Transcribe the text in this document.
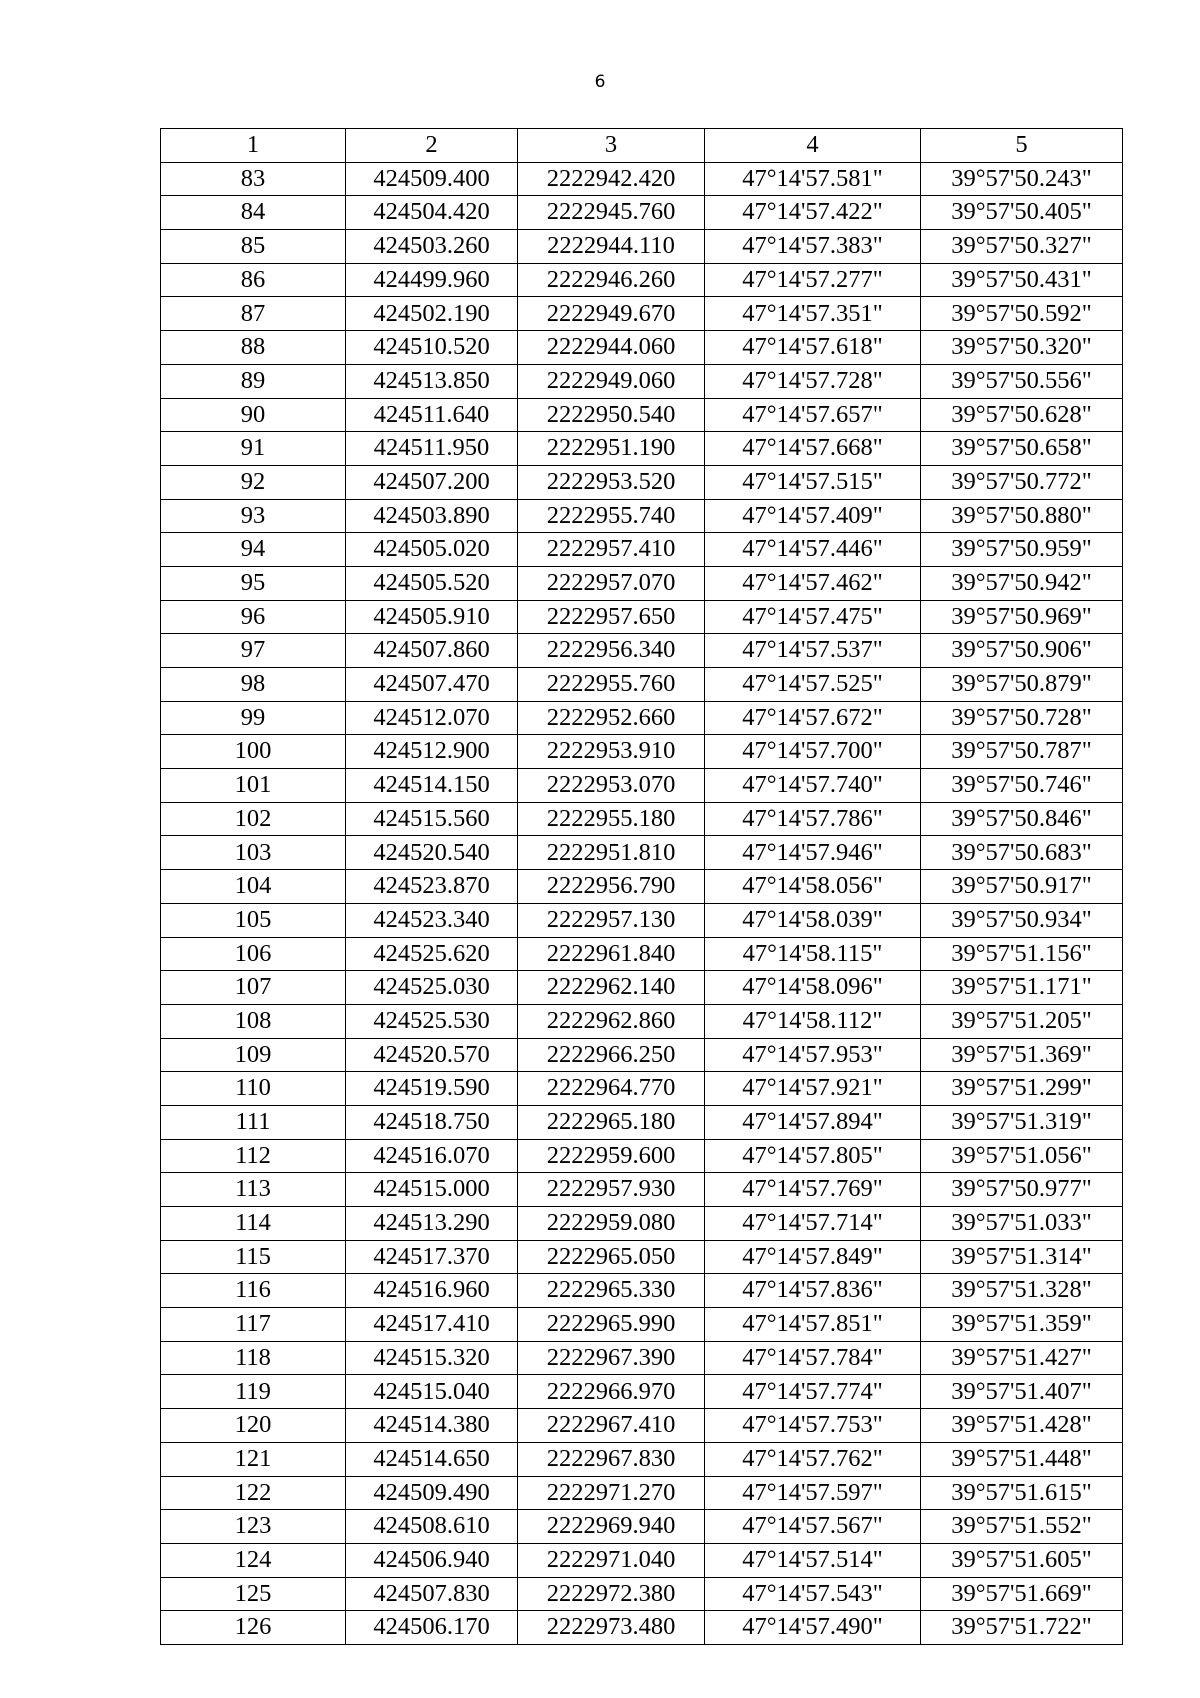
6
1	2	3	4	5
83	424509.400	2222942.420	47°14'57.581"	39°57'50.243"
84	424504.420	2222945.760	47°14'57.422"	39°57'50.405"
85	424503.260	2222944.110	47°14'57.383"	39°57'50.327"
86	424499.960	2222946.260	47°14'57.277"	39°57'50.431"
87	424502.190	2222949.670	47°14'57.351"	39°57'50.592"
88	424510.520	2222944.060	47°14'57.618"	39°57'50.320"
89	424513.850	2222949.060	47°14'57.728"	39°57'50.556"
90	424511.640	2222950.540	47°14'57.657"	39°57'50.628"
91	424511.950	2222951.190	47°14'57.668"	39°57'50.658"
92	424507.200	2222953.520	47°14'57.515"	39°57'50.772"
93	424503.890	2222955.740	47°14'57.409"	39°57'50.880"
94	424505.020	2222957.410	47°14'57.446"	39°57'50.959"
95	424505.520	2222957.070	47°14'57.462"	39°57'50.942"
96	424505.910	2222957.650	47°14'57.475"	39°57'50.969"
97	424507.860	2222956.340	47°14'57.537"	39°57'50.906"
98	424507.470	2222955.760	47°14'57.525"	39°57'50.879"
99	424512.070	2222952.660	47°14'57.672"	39°57'50.728"
100	424512.900	2222953.910	47°14'57.700"	39°57'50.787"
101	424514.150	2222953.070	47°14'57.740"	39°57'50.746"
102	424515.560	2222955.180	47°14'57.786"	39°57'50.846"
103	424520.540	2222951.810	47°14'57.946"	39°57'50.683"
104	424523.870	2222956.790	47°14'58.056"	39°57'50.917"
105	424523.340	2222957.130	47°14'58.039"	39°57'50.934"
106	424525.620	2222961.840	47°14'58.115"	39°57'51.156"
107	424525.030	2222962.140	47°14'58.096"	39°57'51.171"
108	424525.530	2222962.860	47°14'58.112"	39°57'51.205"
109	424520.570	2222966.250	47°14'57.953"	39°57'51.369"
110	424519.590	2222964.770	47°14'57.921"	39°57'51.299"
111	424518.750	2222965.180	47°14'57.894"	39°57'51.319"
112	424516.070	2222959.600	47°14'57.805"	39°57'51.056"
113	424515.000	2222957.930	47°14'57.769"	39°57'50.977"
114	424513.290	2222959.080	47°14'57.714"	39°57'51.033"
115	424517.370	2222965.050	47°14'57.849"	39°57'51.314"
116	424516.960	2222965.330	47°14'57.836"	39°57'51.328"
117	424517.410	2222965.990	47°14'57.851"	39°57'51.359"
118	424515.320	2222967.390	47°14'57.784"	39°57'51.427"
119	424515.040	2222966.970	47°14'57.774"	39°57'51.407"
120	424514.380	2222967.410	47°14'57.753"	39°57'51.428"
121	424514.650	2222967.830	47°14'57.762"	39°57'51.448"
122	424509.490	2222971.270	47°14'57.597"	39°57'51.615"
123	424508.610	2222969.940	47°14'57.567"	39°57'51.552"
124	424506.940	2222971.040	47°14'57.514"	39°57'51.605"
125	424507.830	2222972.380	47°14'57.543"	39°57'51.669"
126	424506.170	2222973.480	47°14'57.490"	39°57'51.722"
